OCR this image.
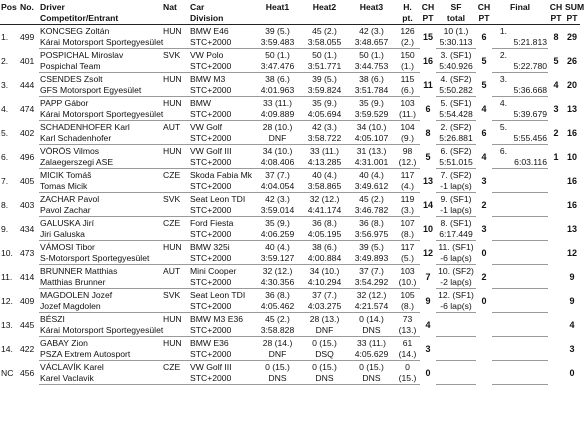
Pos	No.	Driver	Nat	Car	Heat1	Heat2	Heat3	H.	CH	SF	CH	Final		CH	SUM
		Competitor/Entrant		Division				pt.	PT	total	PT			PT	PT
1.	499	KONCSEG Zoltán	HUN	BMW E46	39 (5.)	45 (2.)	42 (3.)	126	15	10 (1.)	6	1.		8	29
		Kárai Motorsport Sportegyesület		STC+2000	3:59.483	3:58.055	3:48.657	(2.)		5:30.113			5:21.813		
2.	401	POSPICHAL Miroslav	SVK	VW Polo	50 (1.)	50 (1.)	50 (1.)	150	16	3. (SF1)	5	2.		5	26
		Pospichal Team		STC+2000	3:47.476	3:51.771	3:44.753	(1.)		5:40.926			5:22.780		
3.	444	CSENDES Zsolt	HUN	BMW M3	38 (6.)	39 (5.)	38 (6.)	115	11	4. (SF2)	5	3.		4	20
		GFS Motorsport Egyesület		STC+2000	4:01.963	3:59.824	3:51.784	(6.)		5:50.282			5:36.668		
4.	474	PAPP Gábor	HUN	BMW	33 (11.)	35 (9.)	35 (9.)	103	6	5. (SF1)	4	4.		3	13
		Kárai Motorsport Sportegyesület		STC+2000	4:09.889	4:05.694	3:59.529	(11.)		5:54.428			5:39.679		
5.	402	SCHADENHOFER Karl	AUT	VW Golf	28 (10.)	42 (3.)	34 (10.)	104	8	2. (SF2)	6	5.		2	16
		Karl Schadenhofer		STC+2000	DNF	3:58.722	4:05.107	(9.)		5:26.881			5:55.456		
6.	496	VÖRÖS Vilmos	HUN	VW Golf III	34 (10.)	33 (11.)	31 (13.)	98	5	6. (SF2)	4	6.		1	10
		Zalaegerszegi ASE		STC+2000	4:08.406	4:13.285	4:31.001	(12.)		5:51.015			6:03.116		
7.	405	MICIK Tomáš	CZE	Skoda Fabia Mk	37 (7.)	40 (4.)	40 (4.)	117	13	7. (SF2)	3				16
		Tomas Micik		STC+2000	4:04.054	3:58.865	3:49.612	(4.)		-1 lap(s)					
8.	403	ZACHAR Pavol	SVK	Seat Leon TDI	42 (3.)	32 (12.)	45 (2.)	119	14	9. (SF1)	2				16
		Pavol Zachar		STC+2000	3:59.014	4:41.174	3:46.782	(3.)		-1 lap(s)					
9.	434	GALUSKA Jirí	CZE	Ford Fiesta	35 (9.)	36 (8.)	36 (8.)	107	10	8. (SF1)	3				13
		Jiri Galuska		STC+2000	4:06.259	4:05.195	3:56.975	(8.)		6:17.449					
10.	473	VÁMOSI Tibor	HUN	BMW 325i	40 (4.)	38 (6.)	39 (5.)	117	12	11. (SF1)	0				12
		S-Motorsport Sportegyesület		STC+2000	3:59.127	4:00.884	3:49.893	(5.)		-6 lap(s)					
11.	414	BRUNNER Matthias	AUT	Mini Cooper	32 (12.)	34 (10.)	37 (7.)	103	7	10. (SF2)	2				9
		Matthias Brunner		STC+2000	4:30.356	4:10.294	3:54.292	(10.)		-2 lap(s)					
12.	409	MAGDOLEN Jozef	SVK	Seat Leon TDI	36 (8.)	37 (7.)	32 (12.)	105	9	12. (SF1)	0				9
		Jozef Magdolen		STC+2000	4:05.462	4:03.275	4:21.574	(8.)		-6 lap(s)					
13.	445	BÉSZI	HUN	BMW M3 E36	45 (2.)	28 (13.)	0 (14.)	73	4						4
		Kárai Motorsport Sportegyesület		STC+2000	3:58.828	DNF	DNS	(13.)							
14.	422	GABAY Zion	HUN	BMW E36	28 (14.)	0 (15.)	33 (11.)	61	3						3
		PSZA Extrem Autosport		STC+2000	DNF	DSQ	4:05.629	(14.)							
NC	456	VÁCLAVÍK Karel	CZE	VW Golf III	0 (15.)	0 (15.)	0 (15.)	0	0						0
		Karel Vaclavik		STC+2000	DNS	DNS	DNS	(15.)							
